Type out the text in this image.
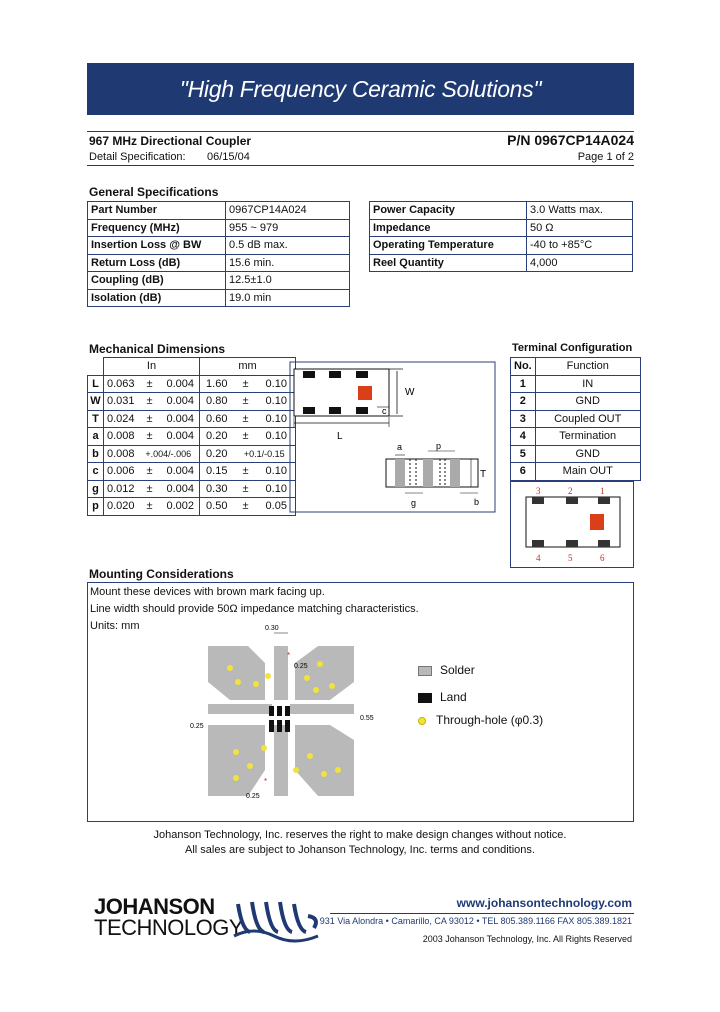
"High Frequency Ceramic Solutions"
967 MHz Directional Coupler	P/N 0967CP14A024
Detail Specification: 06/15/04	Page 1 of 2
General Specifications
Part Number	0967CP14A024
Frequency (MHz)	955 ~ 979
Insertion Loss @ BW	0.5 dB max.
Return Loss (dB)	15.6 min.
Coupling (dB)	12.5±1.0
Isolation (dB)	19.0 min
Power Capacity	3.0 Watts max.
Impedance	50 Ω
Operating Temperature	-40 to +85°C
Reel Quantity	4,000
Mechanical Dimensions
	In			mm		
L	0.063	±	0.004	1.60	±	0.10
W	0.031	±	0.004	0.80	±	0.10
T	0.024	±	0.004	0.60	±	0.10
a	0.008	±	0.004	0.20	±	0.10
b	0.008	+.004/-.006		0.20	+0.1/-0.15	
c	0.006	±	0.004	0.15	±	0.10
g	0.012	±	0.004	0.30	±	0.10
p	0.020	±	0.002	0.50	±	0.05
W
c
L
a	p
T
g	b
Terminal Configuration
No.	Function
1	IN
2	GND
3	Coupled OUT
4	Termination
5	GND
6	Main OUT
3	2	1
4	5	6
Mounting Considerations
Mount these devices with brown mark facing up.
Line width should provide 50Ω impedance matching characteristics.
Units: mm
*
*
0.30
0.25
0.25
0.55
0.25
Solder
Land
Through-hole (φ0.3)
Johanson Technology, Inc. reserves the right to make design changes without notice.
All sales are subject to Johanson Technology, Inc. terms and conditions.
JOHANSON
TECHNOLOGY
www.johansontechnology.com
931 Via Alondra • Camarillo, CA 93012 • TEL 805.389.1166 FAX 805.389.1821
2003 Johanson Technology, Inc. All Rights Reserved
